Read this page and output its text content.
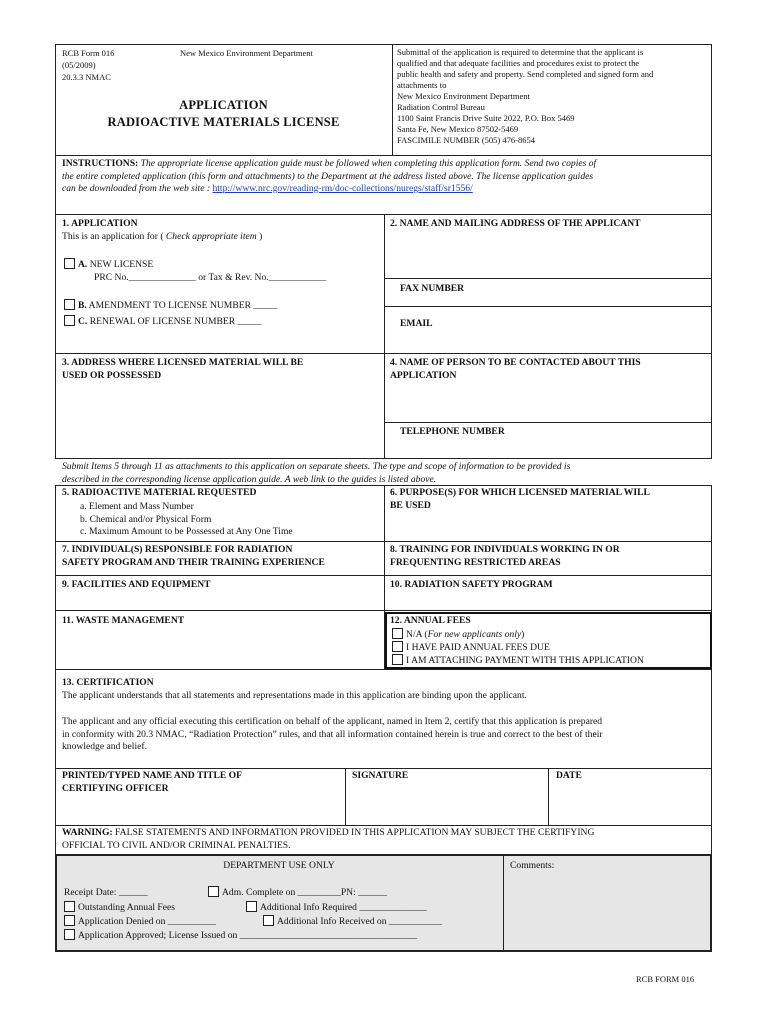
RCB Form 016
(05/2009)
20.3.3 NMAC
New Mexico Environment Department
APPLICATION
RADIOACTIVE MATERIALS LICENSE
Submittal of the application is required to determine that the applicant is
qualified and that adequate facilities and procedures exist to protect the
public health and safety and property. Send completed and signed form and
attachments to
New Mexico Environment Department
Radiation Control Bureau
1100 Saint Francis Drive Suite 2022, P.O. Box 5469
Santa Fe, New Mexico 87502-5469
FASCIMILE NUMBER (505) 476-8654
INSTRUCTIONS: The appropriate license application guide must be followed when completing this application form. Send two copies of
the entire completed application (this form and attachments) to the Department at the address listed above. The license application guides
can be downloaded from the web site : http://www.nrc.gov/reading-rm/doc-collections/nuregs/staff/sr1556/
1. APPLICATION
This is an application for ( Check appropriate item )
A. NEW LICENSE
PRC No.______________ or Tax & Rev. No.____________
B. AMENDMENT TO LICENSE NUMBER _____
C. RENEWAL OF LICENSE NUMBER _____
2. NAME AND MAILING ADDRESS OF THE APPLICANT
FAX NUMBER
EMAIL
3. ADDRESS WHERE LICENSED MATERIAL WILL BE
USED OR POSSESSED
4. NAME OF PERSON TO BE CONTACTED ABOUT THIS
APPLICATION
TELEPHONE NUMBER
Submit Items 5 through 11 as attachments to this application on separate sheets. The type and scope of information to be provided is
described in the corresponding license application guide. A web link to the guides is listed above.
5. RADIOACTIVE MATERIAL REQUESTED
a. Element and Mass Number
b. Chemical and/or Physical Form
c. Maximum Amount to be Possessed at Any One Time
6. PURPOSE(S) FOR WHICH LICENSED MATERIAL WILL
BE USED
7. INDIVIDUAL(S) RESPONSIBLE FOR RADIATION
SAFETY PROGRAM AND THEIR TRAINING EXPERIENCE
8. TRAINING FOR INDIVIDUALS WORKING IN OR
FREQUENTING RESTRICTED AREAS
9. FACILITIES AND EQUIPMENT	10. RADIATION SAFETY PROGRAM
11. WASTE MANAGEMENT	12. ANNUAL FEES
N/A (For new applicants only)
I HAVE PAID ANNUAL FEES DUE
I AM ATTACHING PAYMENT WITH THIS APPLICATION
13. CERTIFICATION
The applicant understands that all statements and representations made in this application are binding upon the applicant.
The applicant and any official executing this certification on behalf of the applicant, named in Item 2, certify that this application is prepared
in conformity with 20.3 NMAC, “Radiation Protection” rules, and that all information contained herein is true and correct to the best of their
knowledge and belief.
PRINTED/TYPED NAME AND TITLE OF
CERTIFYING OFFICER
SIGNATURE	DATE
WARNING: FALSE STATEMENTS AND INFORMATION PROVIDED IN THIS APPLICATION MAY SUBJECT THE CERTIFYING
OFFICIAL TO CIVIL AND/OR CRIMINAL PENALTIES.
DEPARTMENT USE ONLY	Comments:
Receipt Date: ______	Adm. Complete on _________PN: ______
Outstanding Annual Fees	Additional Info Required ______________
Application Denied on __________	Additional Info Received on ___________
Application Approved; License Issued on _____________________________________
RCB FORM 016
